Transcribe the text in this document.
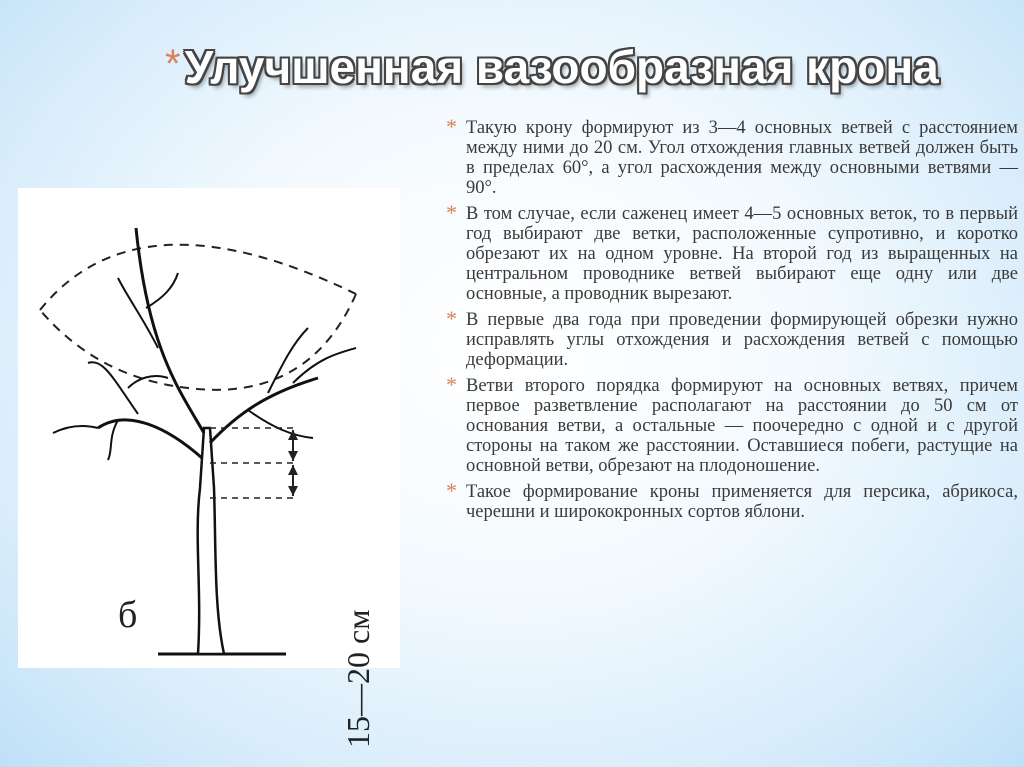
*Улучшенная вазообразная крона
15—20 см
б
* Такую крону формируют из 3—4 основных ветвей с расстоянием между ними до 20 см. Угол отхождения главных ветвей должен быть в пределах 60°, а угол расхождения между основными ветвями — 90°.
* В том случае, если саженец имеет 4—5 основных веток, то в первый год выбирают две ветки, расположенные супротивно, и коротко обрезают их на одном уровне. На второй год из выращенных на центральном проводнике ветвей выбирают еще одну или две основные, а проводник вырезают.
* В первые два года при проведении формирующей обрезки нужно исправлять углы отхождения и расхождения ветвей с помощью деформации.
* Ветви второго порядка формируют на основных ветвях, причем первое разветвление располагают на расстоянии до 50 см от основания ветви, а остальные — поочередно с одной и с другой стороны на таком же расстоянии. Оставшиеся побеги, растущие на основной ветви, обрезают на плодоношение.
* Такое формирование кроны применяется для персика, абрикоса, черешни и ширококронных сортов яблони.
